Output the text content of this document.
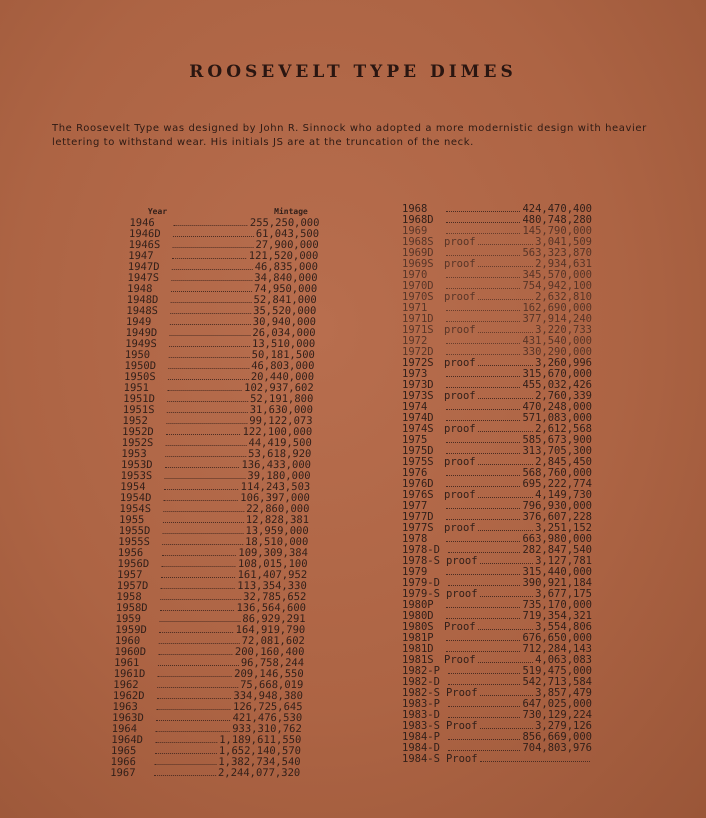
ROOSEVELT TYPE DIMES
The Roosevelt Type was designed by John R. Sinnock who adopted a more modernistic design with heavier lettering to withstand wear. His initials JS are at the truncation of the neck.
Year	Mintage
1946	255,250,000
1946D	61,043,500
1946S	27,900,000
1947	121,520,000
1947D	46,835,000
1947S	34,840,000
1948	74,950,000
1948D	52,841,000
1948S	35,520,000
1949	30,940,000
1949D	26,034,000
1949S	13,510,000
1950	50,181,500
1950D	46,803,000
1950S	20,440,000
1951	102,937,602
1951D	52,191,800
1951S	31,630,000
1952	99,122,073
1952D	122,100,000
1952S	44,419,500
1953	53,618,920
1953D	136,433,000
1953S	39,180,000
1954	114,243,503
1954D	106,397,000
1954S	22,860,000
1955	12,828,381
1955D	13,959,000
1955S	18,510,000
1956	109,309,384
1956D	108,015,100
1957	161,407,952
1957D	113,354,330
1958	32,785,652
1958D	136,564,600
1959	86,929,291
1959D	164,919,790
1960	72,081,602
1960D	200,160,400
1961	96,758,244
1961D	209,146,550
1962	75,668,019
1962D	334,948,380
1963	126,725,645
1963D	421,476,530
1964	933,310,762
1964D	1,189,611,550
1965	1,652,140,570
1966	1,382,734,540
1967	2,244,077,320
1968	424,470,400
1968D	480,748,280
1969	145,790,000
1968S proof	3,041,509
1969D	563,323,870
1969S proof	2,934,631
1970	345,570,000
1970D	754,942,100
1970S proof	2,632,810
1971	162,690,000
1971D	377,914,240
1971S proof	3,220,733
1972	431,540,000
1972D	330,290,000
1972S proof	3,260,996
1973	315,670,000
1973D	455,032,426
1973S proof	2,760,339
1974	470,248,000
1974D	571,083,000
1974S proof	2,612,568
1975	585,673,900
1975D	313,705,300
1975S proof	2,845,450
1976	568,760,000
1976D	695,222,774
1976S proof	4,149,730
1977	796,930,000
1977D	376,607,228
1977S proof	3,251,152
1978	663,980,000
1978-D	282,847,540
1978-S proof	3,127,781
1979	315,440,000
1979-D	390,921,184
1979-S proof	3,677,175
1980P	735,170,000
1980D	719,354,321
1980S Proof	3,554,806
1981P	676,650,000
1981D	712,284,143
1981S Proof	4,063,083
1982-P	519,475,000
1982-D	542,713,584
1982-S Proof	3,857,479
1983-P	647,025,000
1983-D	730,129,224
1983-S Proof	3,279,126
1984-P	856,669,000
1984-D	704,803,976
1984-S Proof
